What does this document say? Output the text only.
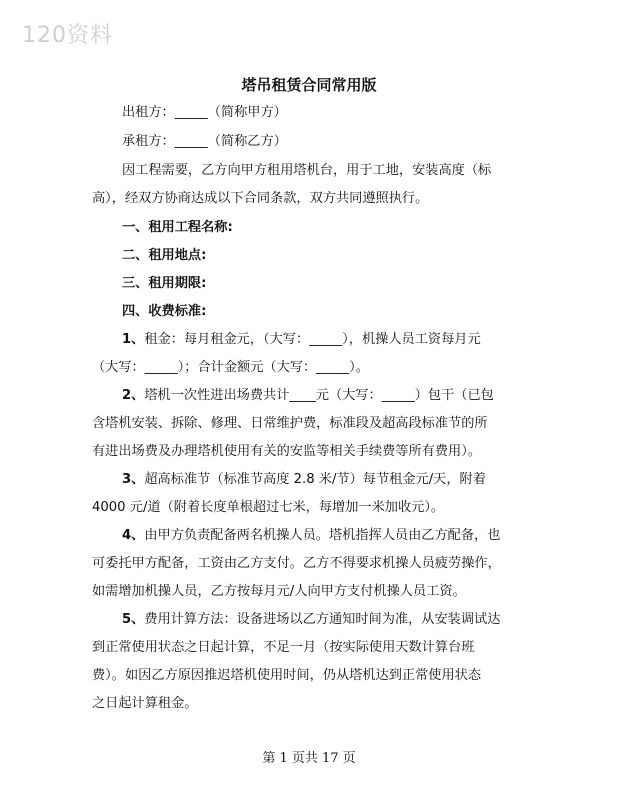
120资料
塔吊租赁合同常用版
出租方：_____（简称甲方）
承租方：_____（简称乙方）
因工程需要，乙方向甲方租用塔机台，用于工地，安装高度（标
高），经双方协商达成以下合同条款，双方共同遵照执行。
一、租用工程名称:
二、租用地点:
三、租用期限:
四、收费标准:
1、租金：每月租金元，（大写：_____），机操人员工资每月元
（大写：_____）；合计金额元（大写：_____）。
2、塔机一次性进出场费共计____元（大写：_____）包干（已包
含塔机安装、拆除、修理、日常维护费，标准段及超高段标准节的所
有进出场费及办理塔机使用有关的安监等相关手续费等所有费用）。
3、超高标准节（标准节高度 2.8 米/节）每节租金元/天，附着
4000 元/道（附着长度单根超过七米，每增加一米加收元）。
4、由甲方负责配备两名机操人员。塔机指挥人员由乙方配备，也
可委托甲方配备，工资由乙方支付。乙方不得要求机操人员疲劳操作，
如需增加机操人员，乙方按每月元/人向甲方支付机操人员工资。
5、费用计算方法：设备进场以乙方通知时间为准，从安装调试达
到正常使用状态之日起计算，不足一月（按实际使用天数计算台班
费）。如因乙方原因推迟塔机使用时间，仍从塔机达到正常使用状态
之日起计算租金。
第 1 页共 17 页
